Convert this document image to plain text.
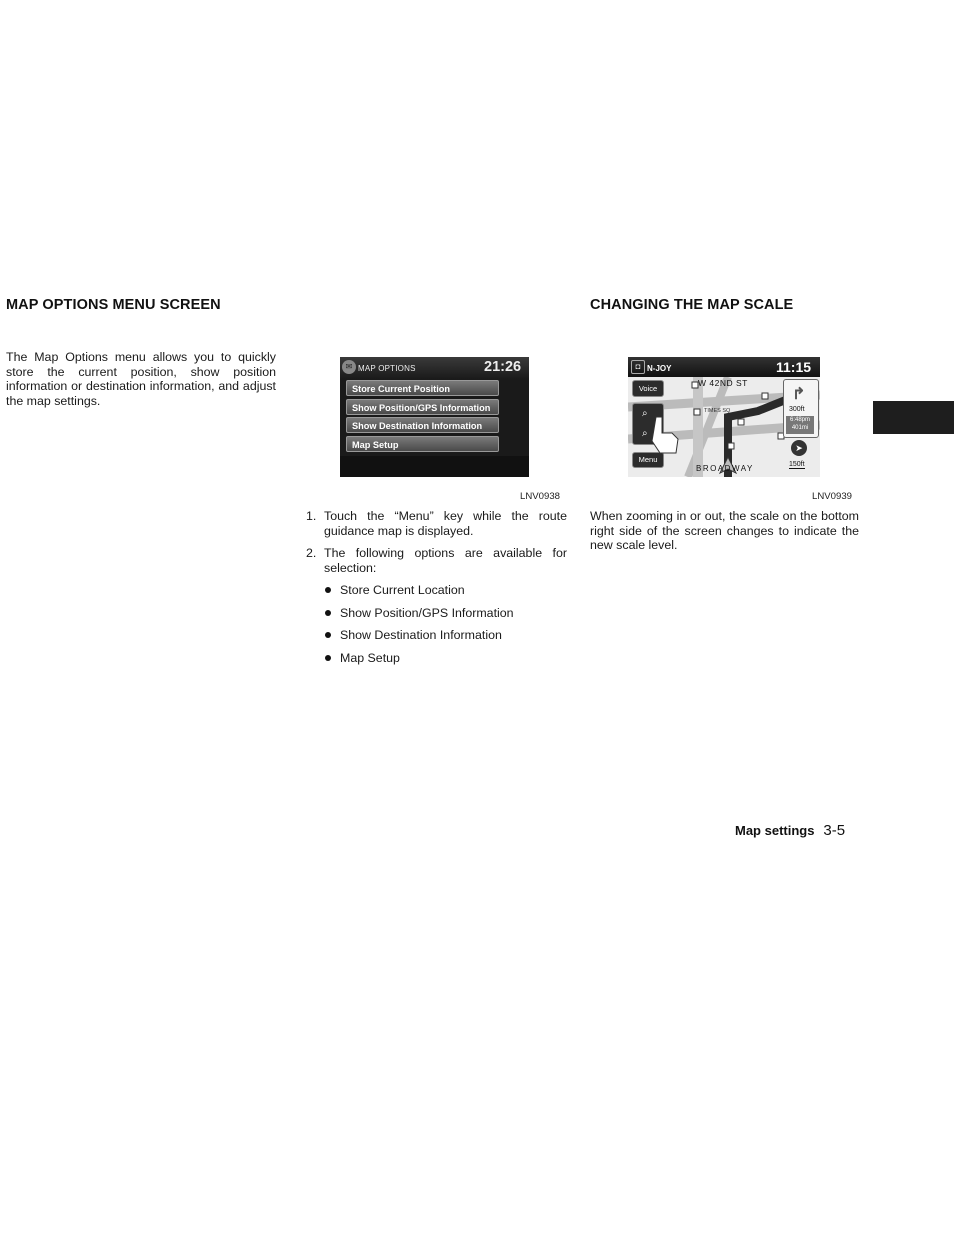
MAP OPTIONS MENU SCREEN

The Map Options menu allows you to quickly store the current position, show position information or destination information, and adjust the map settings.

✉ MAP OPTIONS	21:26
Store Current Position
Show Position/GPS Information
Show Destination Information
Map Setup
LNV0938
1. Touch the “Menu” key while the route guidance map is displayed.
2. The following options are available for selection:
Store Current Location
Show Position/GPS Information
Show Destination Information
Map Setup
CHANGING THE MAP SCALE
◘ N-JOY	11:15
W 42ND ST
TIMES SQ
BROADWAY
Voice
⌕
⌕
Menu
↱
300ft
6:48pm
401mi
➤
150ft
LNV0939

When zooming in or out, the scale on the bottom right side of the screen changes to indicate the new scale level.

Map settings 3-5
